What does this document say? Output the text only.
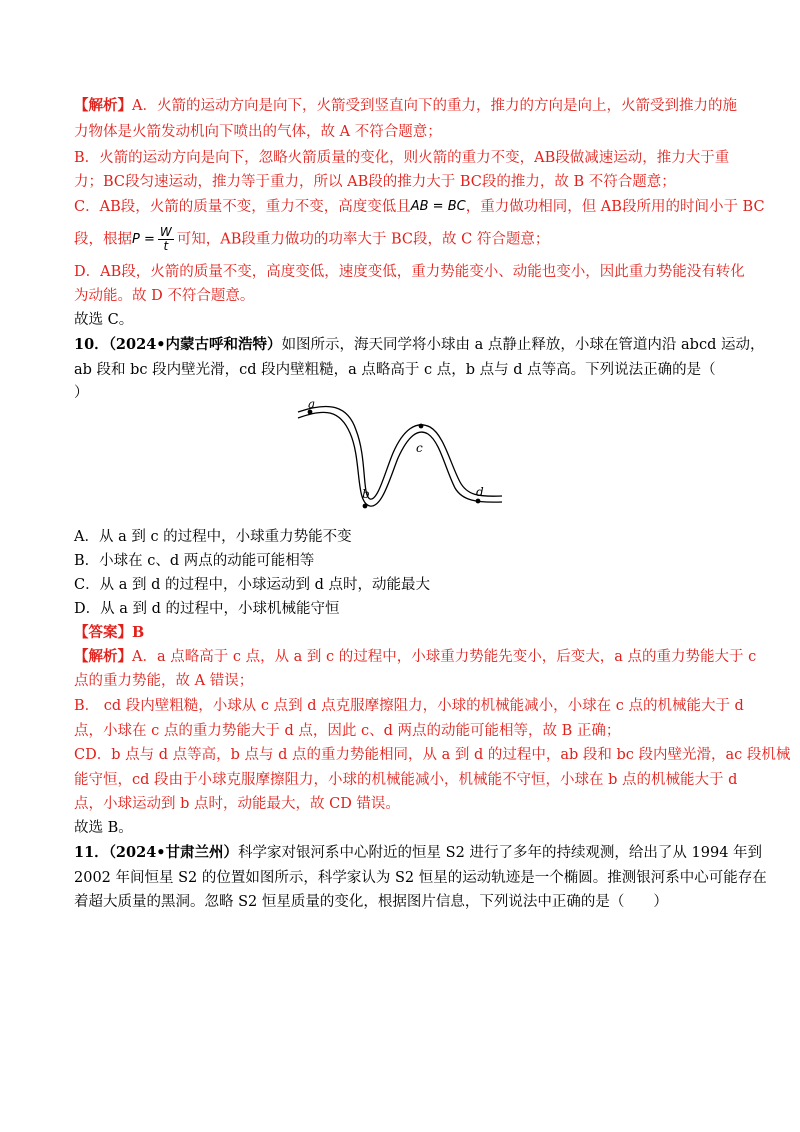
【解析】A．火箭的运动方向是向下，火箭受到竖直向下的重力，推力的方向是向上，火箭受到推力的施
力物体是火箭发动机向下喷出的气体，故 A 不符合题意；
B．火箭的运动方向是向下，忽略火箭质量的变化，则火箭的重力不变，AB段做减速运动，推力大于重
力；BC段匀速运动，推力等于重力，所以 AB段的推力大于 BC段的推力，故 B 不符合题意；
C．AB段，火箭的质量不变，重力不变，高度变低且AB = BC，重力做功相同，但 AB段所用的时间小于 BC
段，根据$P = \frac{W}{t}$ 可知，AB段重力做功的功率大于 BC段，故 C 符合题意；
D．AB段，火箭的质量不变，高度变低，速度变低，重力势能变小、动能也变小，因此重力势能没有转化
为动能。故 D 不符合题意。
故选 C。
10．（2024•内蒙古呼和浩特）如图所示，海天同学将小球由 a 点静止释放，小球在管道内沿 abcd 运动，
ab 段和 bc 段内壁光滑，cd 段内壁粗糙，a 点略高于 c 点，b 点与 d 点等高。下列说法正确的是（
）
a
b
c
d
A．从 a 到 c 的过程中，小球重力势能不变
B．小球在 c、d 两点的动能可能相等
C．从 a 到 d 的过程中，小球运动到 d 点时，动能最大
D．从 a 到 d 的过程中，小球机械能守恒
【答案】B
【解析】A．a 点略高于 c 点，从 a 到 c 的过程中，小球重力势能先变小，后变大，a 点的重力势能大于 c
点的重力势能，故 A 错误；
B． cd 段内壁粗糙，小球从 c 点到 d 点克服摩擦阻力，小球的机械能减小，小球在 c 点的机械能大于 d
点，小球在 c 点的重力势能大于 d 点，因此 c、d 两点的动能可能相等，故 B 正确；
CD．b 点与 d 点等高，b 点与 d 点的重力势能相同，从 a 到 d 的过程中，ab 段和 bc 段内壁光滑，ac 段机械
能守恒，cd 段由于小球克服摩擦阻力，小球的机械能减小，机械能不守恒，小球在 b 点的机械能大于 d
点，小球运动到 b 点时，动能最大，故 CD 错误。
故选 B。
11．（2024•甘肃兰州）科学家对银河系中心附近的恒星 S2 进行了多年的持续观测，给出了从 1994 年到
2002 年间恒星 S2 的位置如图所示，科学家认为 S2 恒星的运动轨迹是一个椭圆。推测银河系中心可能存在
着超大质量的黑洞。忽略 S2 恒星质量的变化，根据图片信息，下列说法中正确的是（　　）
